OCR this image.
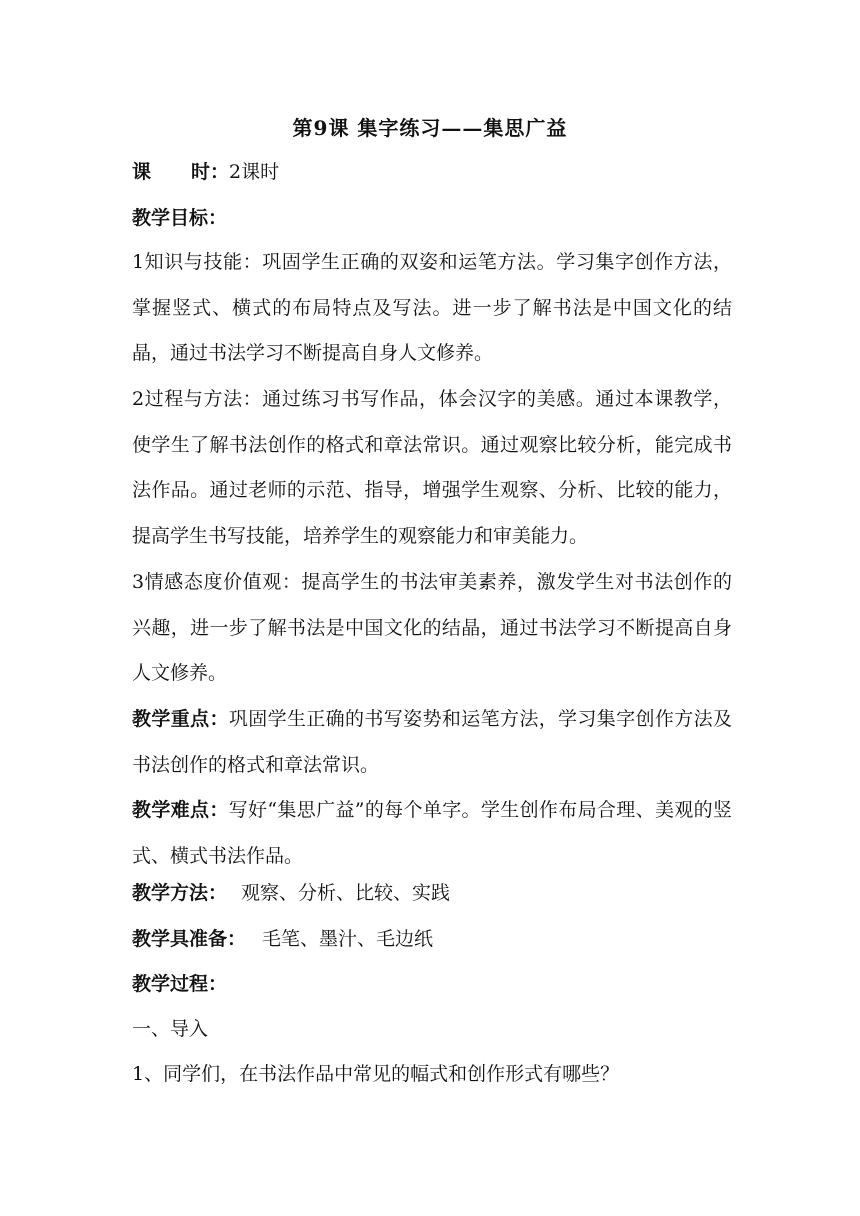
第9课 集字练习——集思广益
课 时：2课时
教学目标：
1知识与技能：巩固学生正确的双姿和运笔方法。学习集字创作方法，掌握竖式、横式的布局特点及写法。进一步了解书法是中国文化的结晶，通过书法学习不断提高自身人文修养。
2过程与方法：通过练习书写作品，体会汉字的美感。通过本课教学，使学生了解书法创作的格式和章法常识。通过观察比较分析，能完成书法作品。通过老师的示范、指导，增强学生观察、分析、比较的能力，提高学生书写技能，培养学生的观察能力和审美能力。
3情感态度价值观：提高学生的书法审美素养，激发学生对书法创作的兴趣，进一步了解书法是中国文化的结晶，通过书法学习不断提高自身人文修养。
教学重点：巩固学生正确的书写姿势和运笔方法，学习集字创作方法及书法创作的格式和章法常识。
教学难点：写好“集思广益”的每个单字。学生创作布局合理、美观的竖式、横式书法作品。
教学方法： 观察、分析、比较、实践
教学具准备： 毛笔、墨汁、毛边纸
教学过程：
一、导入
1、同学们，在书法作品中常见的幅式和创作形式有哪些？
